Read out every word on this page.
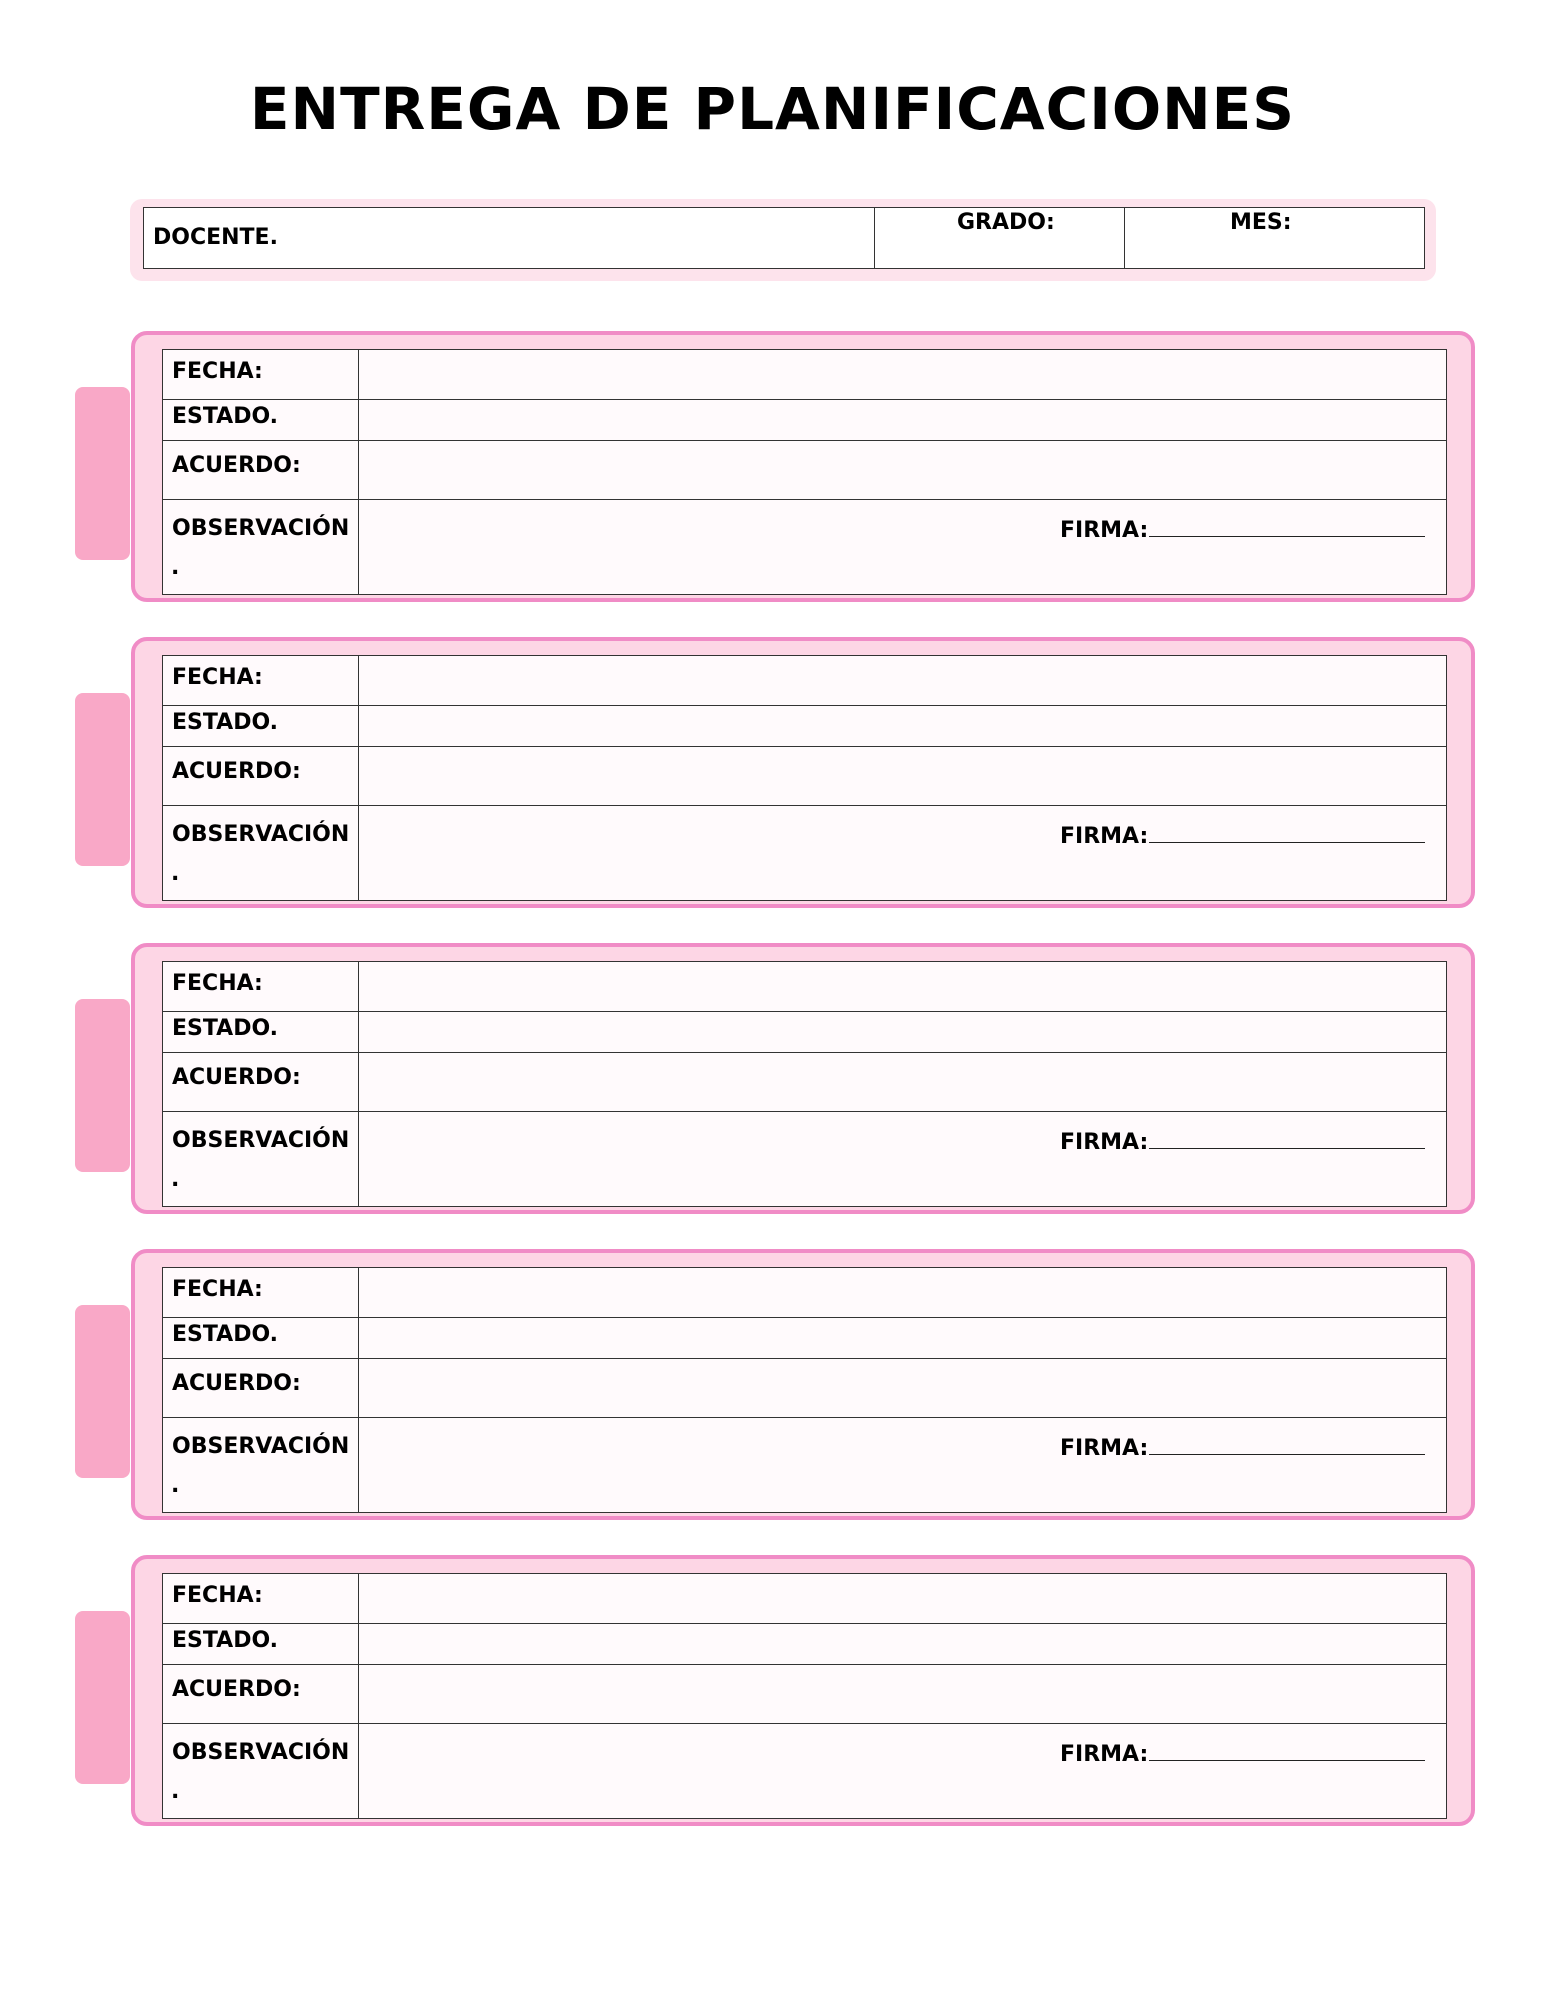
ENTREGA DE PLANIFICACIONES
DOCENTE.
GRADO:	MES:
FECHA:
ESTADO.
ACUERDO:
OBSERVACIÓN
.
FIRMA:
FECHA:
ESTADO.
ACUERDO:
OBSERVACIÓN
.
FIRMA:
FECHA:
ESTADO.
ACUERDO:
OBSERVACIÓN
.
FIRMA:
FECHA:
ESTADO.
ACUERDO:
OBSERVACIÓN
.
FIRMA:
FECHA:
ESTADO.
ACUERDO:
OBSERVACIÓN
.
FIRMA:
